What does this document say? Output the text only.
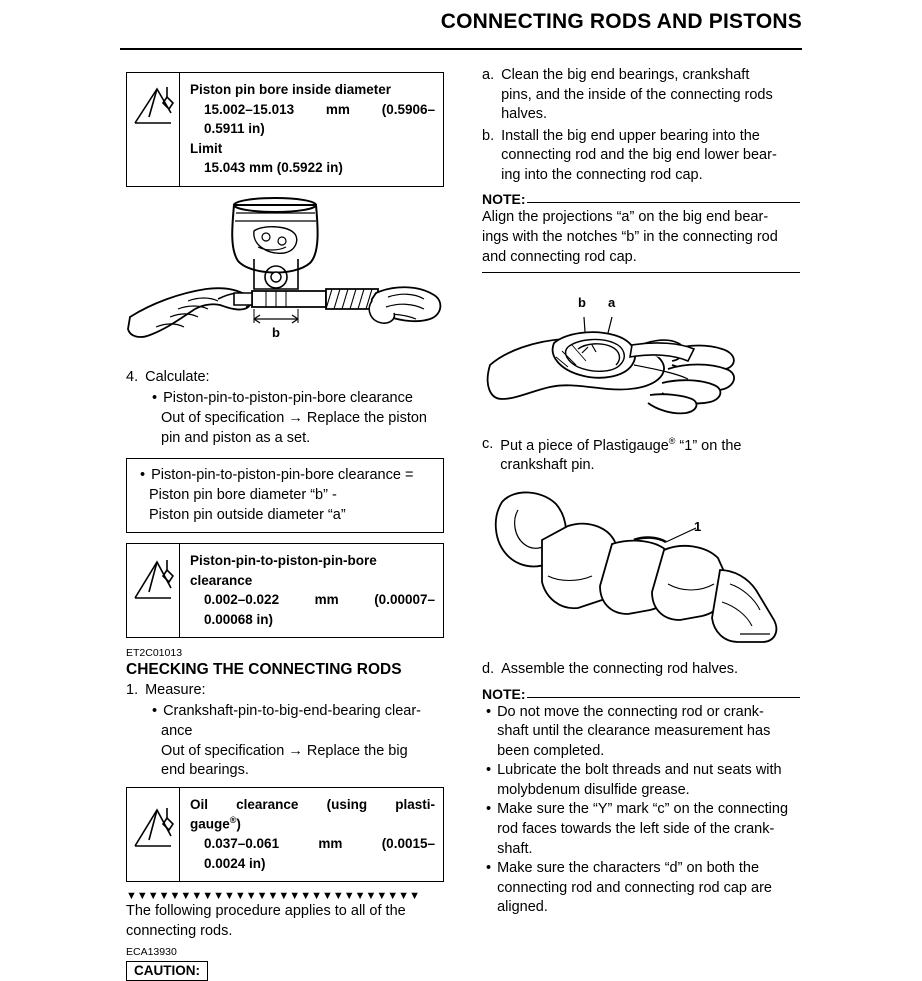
CONNECTING RODS AND PISTONS
Piston pin bore inside diameter
15.002–15.013 mm (0.5906–
0.5911 in)
Limit
15.043 mm (0.5922 in)
b
4. Calculate:
• Piston-pin-to-piston-pin-bore clearance
Out of specification → Replace the piston
pin and piston as a set.
• Piston-pin-to-piston-pin-bore clearance =
Piston pin bore diameter “b” -
Piston pin outside diameter “a”
Piston-pin-to-piston-pin-bore
clearance
0.002–0.022	mm	(0.00007–
0.00068 in)
ET2C01013
CHECKING THE CONNECTING RODS
1. Measure:
• Crankshaft-pin-to-big-end-bearing clear-
ance
Out of specification → Replace the big
end bearings.
Oil clearance (using plasti-
gauge®)
0.037–0.061	mm	(0.0015–
0.0024 in)
▼▼▼▼▼▼▼▼▼▼▼▼▼▼▼▼▼▼▼▼▼▼▼▼▼▼▼
The following procedure applies to all of the
connecting rods.
ECA13930
CAUTION:
a. Clean the big end bearings, crankshaft
pins, and the inside of the connecting rods
halves.
b. Install the big end upper bearing into the
connecting rod and the big end lower bear-
ing into the connecting rod cap.
NOTE:
Align the projections “a” on the big end bear-
ings with the notches “b” in the connecting rod
and connecting rod cap.
b a
c. Put a piece of Plastigauge® “1” on the
crankshaft pin.
1
d. Assemble the connecting rod halves.
NOTE:
• Do not move the connecting rod or crank-
shaft until the clearance measurement has
been completed.
• Lubricate the bolt threads and nut seats with
molybdenum disulfide grease.
• Make sure the “Y” mark “c” on the connecting
rod faces towards the left side of the crank-
shaft.
• Make sure the characters “d” on both the
connecting rod and connecting rod cap are
aligned.
